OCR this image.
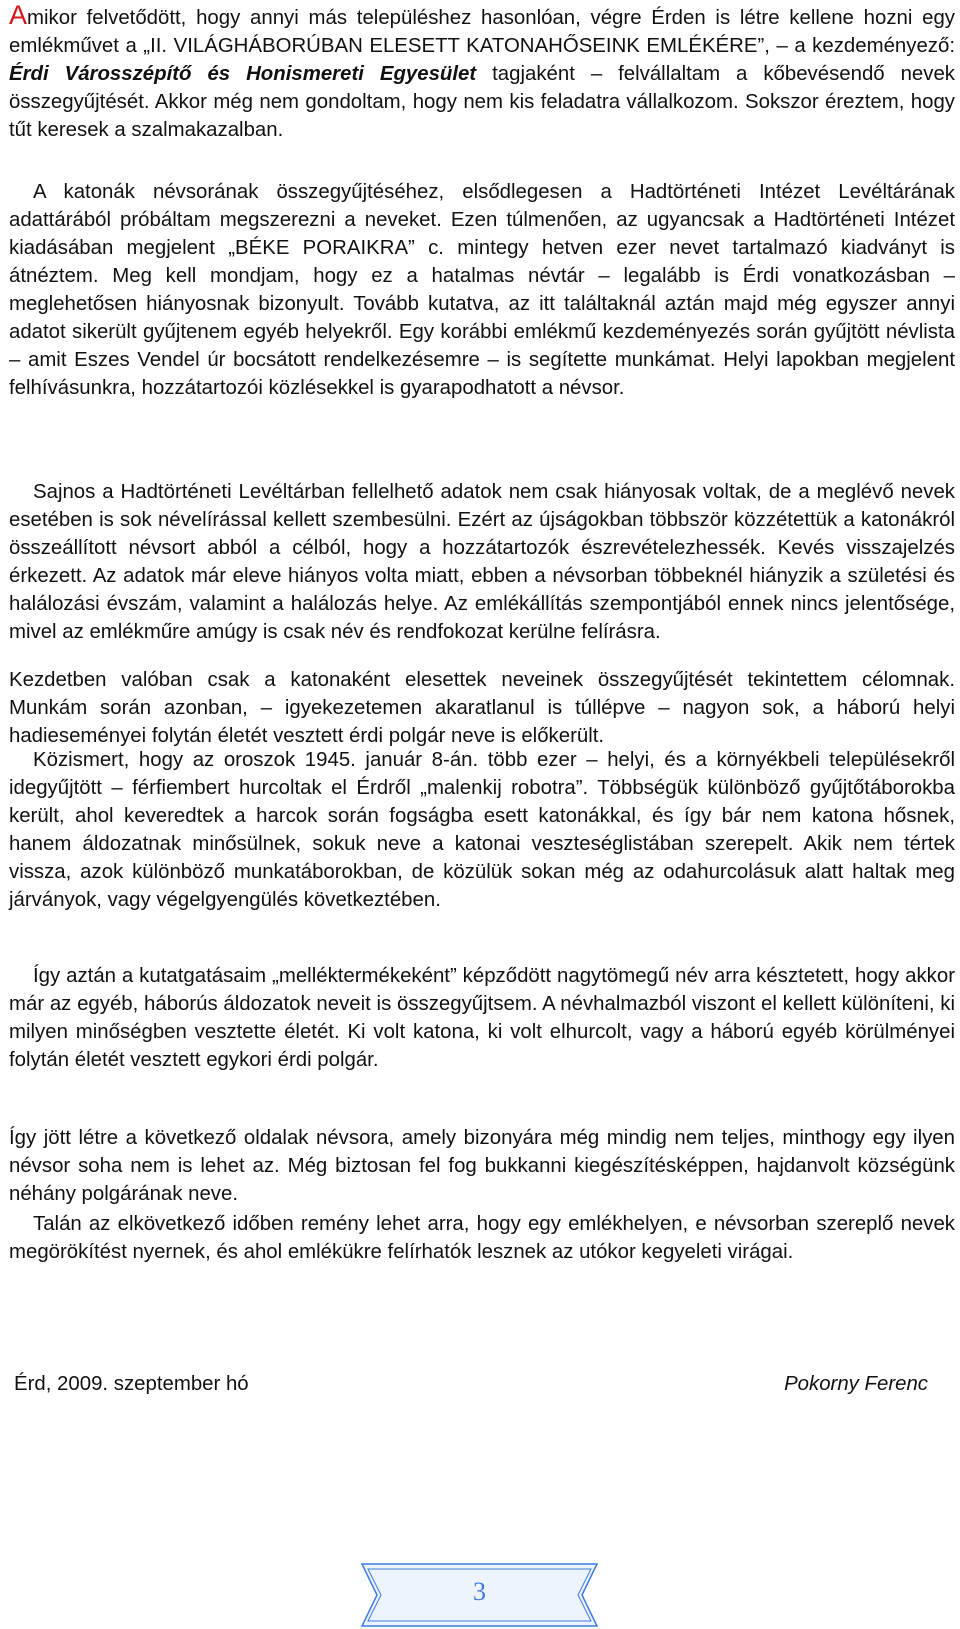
Amikor felvetődött, hogy annyi más településhez hasonlóan, végre Érden is létre kellene hozni egy emlékművet a „II. VILÁGHÁBORÚBAN ELESETT KATONAHŐSEINK EMLÉKÉRE”, – a kezdeményező: Érdi Városszépítő és Honismereti Egyesület tagjaként – felvállaltam a kőbevésendő nevek összegyűjtését. Akkor még nem gondoltam, hogy nem kis feladatra vállalkozom. Sokszor éreztem, hogy tűt keresek a szalmakazalban.

A katonák névsorának összegyűjtéséhez, elsődlegesen a Hadtörténeti Intézet Levéltárának adattárából próbáltam megszerezni a neveket. Ezen túlmenően, az ugyancsak a Hadtörténeti Intézet kiadásában megjelent „BÉKE PORAIKRA” c. mintegy hetven ezer nevet tartalmazó kiadványt is átnéztem. Meg kell mondjam, hogy ez a hatalmas névtár – legalább is Érdi vonatkozásban – meglehetősen hiányosnak bizonyult. Tovább kutatva, az itt találtaknál aztán majd még egyszer annyi adatot sikerült gyűjtenem egyéb helyekről. Egy korábbi emlékmű kezdeményezés során gyűjtött névlista – amit Eszes Vendel úr bocsátott rendelkezésemre – is segítette munkámat. Helyi lapokban megjelent felhívásunkra, hozzátartozói közlésekkel is gyarapodhatott a névsor.

Sajnos a Hadtörténeti Levéltárban fellelhető adatok nem csak hiányosak voltak, de a meglévő nevek esetében is sok névelírással kellett szembesülni. Ezért az újságokban többször közzétettük a katonákról összeállított névsort abból a célból, hogy a hozzátartozók észrevételezhessék. Kevés visszajelzés érkezett. Az adatok már eleve hiányos volta miatt, ebben a névsorban többeknél hiányzik a születési és halálozási évszám, valamint a halálozás helye. Az emlékállítás szempontjából ennek nincs jelentősége, mivel az emlékműre amúgy is csak név és rendfokozat kerülne felírásra.

Kezdetben valóban csak a katonaként elesettek neveinek összegyűjtését tekintettem célomnak. Munkám során azonban, – igyekezetemen akaratlanul is túllépve – nagyon sok, a háború helyi hadieseményei folytán életét vesztett érdi polgár neve is előkerült.

Közismert, hogy az oroszok 1945. január 8-án. több ezer – helyi, és a környékbeli településekről idegyűjtött – férfiembert hurcoltak el Érdről „malenkij robotra”. Többségük különböző gyűjtőtáborokba került, ahol keveredtek a harcok során fogságba esett katonákkal, és így bár nem katona hősnek, hanem áldozatnak minősülnek, sokuk neve a katonai veszteséglistában szerepelt. Akik nem tértek vissza, azok különböző munkatáborokban, de közülük sokan még az odahurcolásuk alatt haltak meg járványok, vagy végelgyengülés következtében.

Így aztán a kutatgatásaim „melléktermékeként” képződött nagytömegű név arra késztetett, hogy akkor már az egyéb, háborús áldozatok neveit is összegyűjtsem. A névhalmazból viszont el kellett különíteni, ki milyen minőségben vesztette életét. Ki volt katona, ki volt elhurcolt, vagy a háború egyéb körülményei folytán életét vesztett egykori érdi polgár.

Így jött létre a következő oldalak névsora, amely bizonyára még mindig nem teljes, minthogy egy ilyen névsor soha nem is lehet az. Még biztosan fel fog bukkanni kiegészítésképpen, hajdanvolt községünk néhány polgárának neve.

Talán az elkövetkező időben remény lehet arra, hogy egy emlékhelyen, e névsorban szereplő nevek megörökítést nyernek, és ahol emlékükre felírhatók lesznek az utókor kegyeleti virágai.

Érd, 2009. szeptember hó	Pokorny Ferenc
3
